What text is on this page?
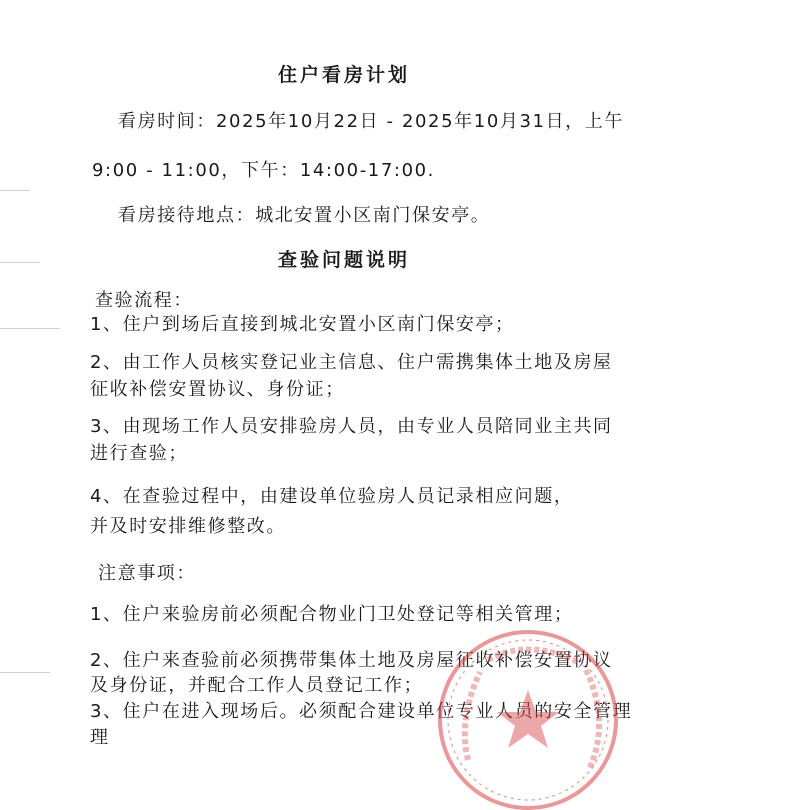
住户看房计划
看房时间：2025年10月22日 - 2025年10月31日，上午
9:00 - 11:00，下午：14:00-17:00.
看房接待地点：城北安置小区南门保安亭。
查验问题说明
查验流程：
1、住户到场后直接到城北安置小区南门保安亭；
2、由工作人员核实登记业主信息、住户需携集体土地及房屋
征收补偿安置协议、身份证；
3、由现场工作人员安排验房人员，由专业人员陪同业主共同
进行查验；
4、在查验过程中，由建设单位验房人员记录相应问题，
并及时安排维修整改。
注意事项：
1、住户来验房前必须配合物业门卫处登记等相关管理；
2、住户来查验前必须携带集体土地及房屋征收补偿安置协议
及身份证，并配合工作人员登记工作；
3、住户在进入现场后。必须配合建设单位专业人员的安全管理
理
